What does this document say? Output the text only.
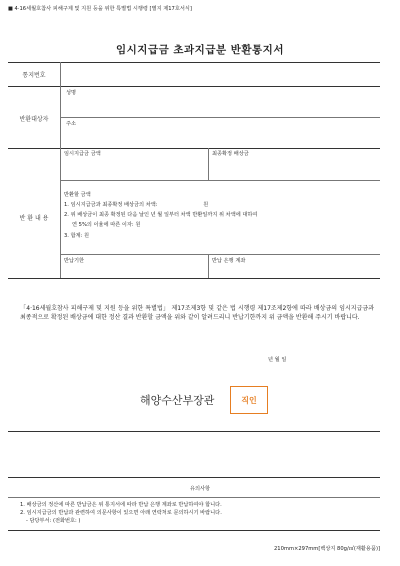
■ 4·16세월호참사 피해구제 및 지원 등을 위한 특별법 시행령 [별지 제17호서식]
임시지급금 초과지급분 반환통지서
통지번호
반환대상자
성명
주소
반 환 내 용
임시지급금 금액	최종확정 배상금
반환할 금액
1. 임시지급금과 최종확정 배상금의 차액:	원
2. 위 배상금이 최종 확정된 다음 날인 년 월 일부터 차액 반환일까지 위 차액에 대하여
연 5%의 이율에 따른 이자: 원
3. 합계: 원
반납기한	반납 은행 계좌
「4·16세월호참사 피해구제 및 지원 등을 위한 특별법」 제17조제3항 및 같은 법 시행령 제17조제2항에 따라 배상금의 임시지급금과 최종적으로 확정된 배상금에 대한 정산 결과 반환할 금액을 위와 같이 알려드리니 반납기한까지 위 금액을 반환해 주시기 바랍니다.
년 월 일
해양수산부장관	직인
유의사항
1. 배상금의 정산에 따른 반납금은 위 통지서에 따라 반납 은행 계좌로 반납하여야 합니다.
2. 임시지급금의 반납과 관련하여 의문사항이 있으면 아래 연락처로 문의하시기 바랍니다.
- 담당부서: (전화번호: )
210mm×297mm[백상지 80g/㎡(재활용품)]
